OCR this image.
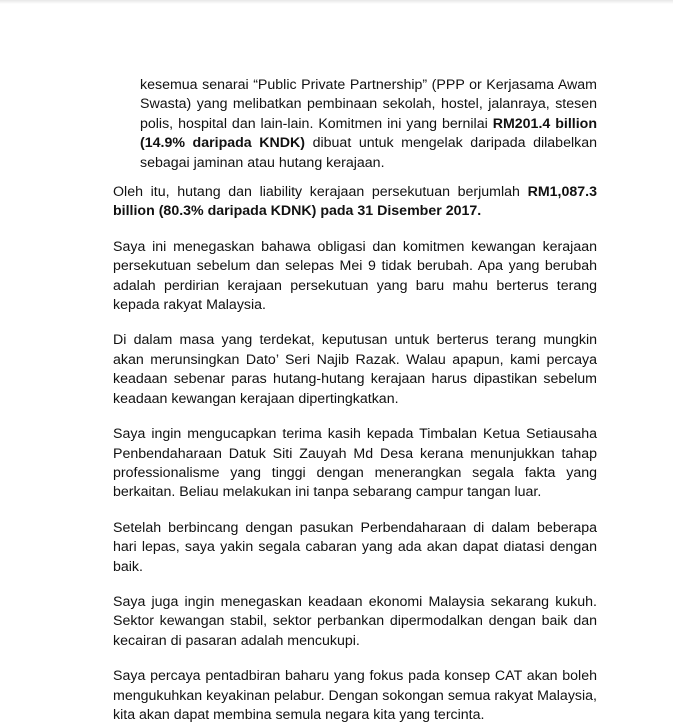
kesemua senarai “Public Private Partnership” (PPP or Kerjasama Awam Swasta) yang melibatkan pembinaan sekolah, hostel, jalanraya, stesen polis, hospital dan lain-lain. Komitmen ini yang bernilai RM201.4 billion (14.9% daripada KNDK) dibuat untuk mengelak daripada dilabelkan sebagai jaminan atau hutang kerajaan.

Oleh itu, hutang dan liability kerajaan persekutuan berjumlah RM1,087.3 billion (80.3% daripada KDNK) pada 31 Disember 2017.

Saya ini menegaskan bahawa obligasi dan komitmen kewangan kerajaan persekutuan sebelum dan selepas Mei 9 tidak berubah. Apa yang berubah adalah perdirian kerajaan persekutuan yang baru mahu berterus terang kepada rakyat Malaysia.

Di dalam masa yang terdekat, keputusan untuk berterus terang mungkin akan merunsingkan Dato’ Seri Najib Razak. Walau apapun, kami percaya keadaan sebenar paras hutang-hutang kerajaan harus dipastikan sebelum keadaan kewangan kerajaan dipertingkatkan.

Saya ingin mengucapkan terima kasih kepada Timbalan Ketua Setiausaha Penbendaharaan Datuk Siti Zauyah Md Desa kerana menunjukkan tahap professionalisme yang tinggi dengan menerangkan segala fakta yang berkaitan. Beliau melakukan ini tanpa sebarang campur tangan luar.

Setelah berbincang dengan pasukan Perbendaharaan di dalam beberapa hari lepas, saya yakin segala cabaran yang ada akan dapat diatasi dengan baik.

Saya juga ingin menegaskan keadaan ekonomi Malaysia sekarang kukuh. Sektor kewangan stabil, sektor perbankan dipermodalkan dengan baik dan kecairan di pasaran adalah mencukupi.

Saya percaya pentadbiran baharu yang fokus pada konsep CAT akan boleh mengukuhkan keyakinan pelabur. Dengan sokongan semua rakyat Malaysia, kita akan dapat membina semula negara kita yang tercinta.
